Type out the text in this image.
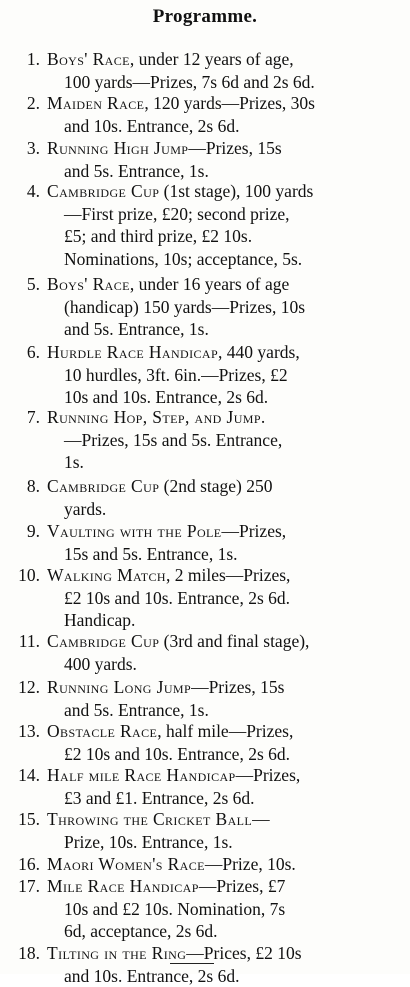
Programme.
1. Boys' Race, under 12 years of age,
100 yards—Prizes, 7s 6d and 2s 6d.
2. Maiden Race, 120 yards—Prizes, 30s
and 10s. Entrance, 2s 6d.
3. Running High Jump—Prizes, 15s
and 5s. Entrance, 1s.
4. Cambridge Cup (1st stage), 100 yards
—First prize, £20; second prize,
£5; and third prize, £2 10s.
Nominations, 10s; acceptance, 5s.
5. Boys' Race, under 16 years of age
(handicap) 150 yards—Prizes, 10s
and 5s. Entrance, 1s.
6. Hurdle Race Handicap, 440 yards,
10 hurdles, 3ft. 6in.—Prizes, £2
10s and 10s. Entrance, 2s 6d.
7. Running Hop, Step, and Jump.
—Prizes, 15s and 5s. Entrance,
1s.
8. Cambridge Cup (2nd stage) 250
yards.
9. Vaulting with the Pole—Prizes,
15s and 5s. Entrance, 1s.
10. Walking Match, 2 miles—Prizes,
£2 10s and 10s. Entrance, 2s 6d.
Handicap.
11. Cambridge Cup (3rd and final stage),
400 yards.
12. Running Long Jump—Prizes, 15s
and 5s. Entrance, 1s.
13. Obstacle Race, half mile—Prizes,
£2 10s and 10s. Entrance, 2s 6d.
14. Half mile Race Handicap—Prizes,
£3 and £1. Entrance, 2s 6d.
15. Throwing the Cricket Ball—
Prize, 10s. Entrance, 1s.
16. Maori Women's Race—Prize, 10s.
17. Mile Race Handicap—Prizes, £7
10s and £2 10s. Nomination, 7s
6d, acceptance, 2s 6d.
18. Tilting in the Ring—Prices, £2 10s
and 10s. Entrance, 2s 6d.
